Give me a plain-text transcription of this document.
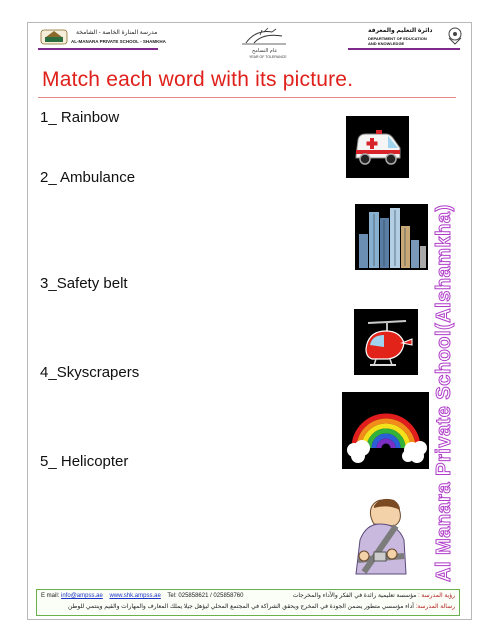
مدرسة المنارة الخاصة - الشامخة
AL-MANARA PRIVATE SCHOOL - SHAMKHA
عام التسامح
YEAR OF TOLERANCE
دائرة التعليم والمعرفة
DEPARTMENT OF EDUCATION
AND KNOWLEDGE
Match each word with its picture.
1_ Rainbow
2_ Ambulance
3_Safety belt
4_Skyscrapers
5_ Helicopter	Al Manara Private School(Alshamkha)
E mail: info@ampss.ae www.shk.ampss.ae Tel: 025858621 / 025858760	رؤية المدرسة : مؤسسة تعليمية رائدة في الفكر والأداء والمخرجات
رسالة المدرسة: أداء مؤسسي متطور يضمن الجودة في المخرج ويحقق الشراكة في المجتمع المحلي ليؤهل جيلا يملك المعارف والمهارات والقيم وينتمي للوطن
